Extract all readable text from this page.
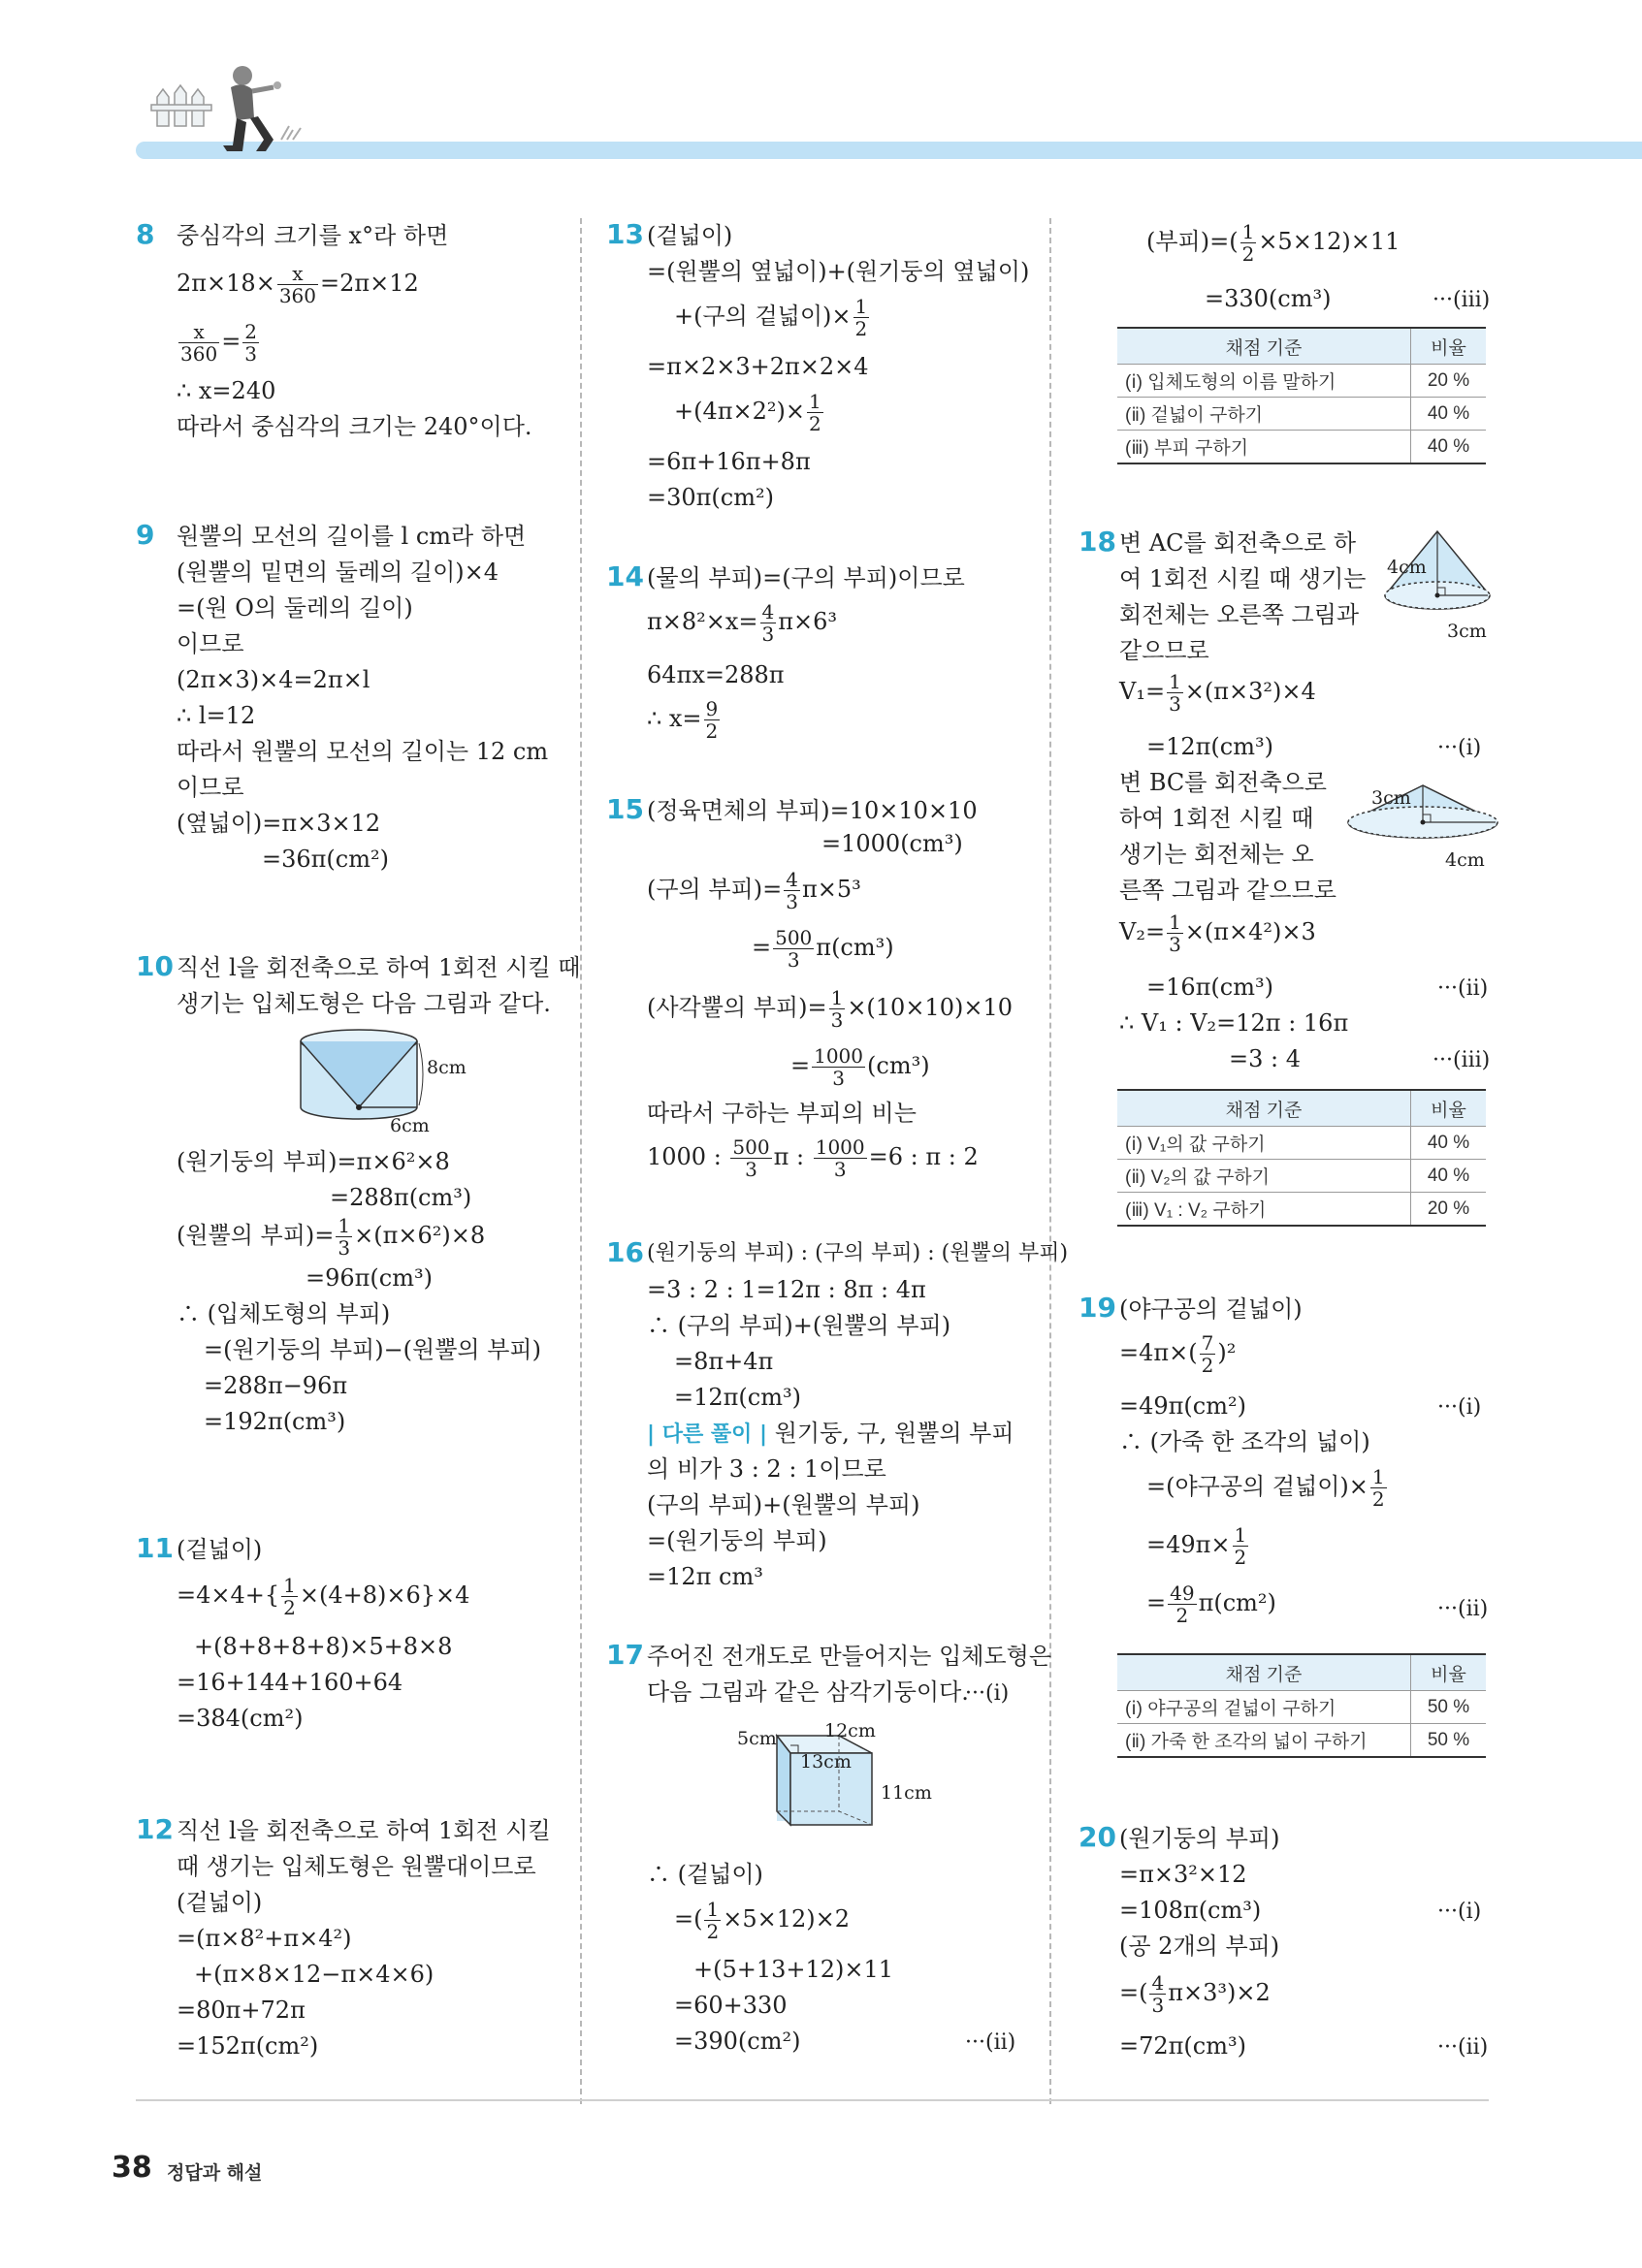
8 중심각의 크기를 x°라 하면
$2\pi\times 18\times \frac{x}{360} =2\pi\times 12$
$\frac{x}{360} = \frac{2}{3}$
∴ x=240
따라서 중심각의 크기는 240°이다.
9 원뿔의 모선의 길이를 l cm라 하면
(원뿔의 밑면의 둘레의 길이)×4
=(원 O의 둘레의 길이)
이므로
(2π×3)×4=2π×l
∴ l=12
따라서 원뿔의 모선의 길이는 12 cm
이므로
(옆넓이)=π×3×12
=36π(cm²)
10 직선 l을 회전축으로 하여 1회전 시킬 때
생기는 입체도형은 다음 그림과 같다.
8cm
6cm
(원기둥의 부피)=π×6²×8
=288π(cm³)
(원뿔의 부피)= $\frac{1}{3} \times(\pi\times 6^2)\times 8$
=96π(cm³)
∴ (입체도형의 부피)
=(원기둥의 부피)−(원뿔의 부피)
=288π−96π
=192π(cm³)
11 (겉넓이)
$=4\times 4+\{ \frac{1}{2} \times(4+8)\times 6\}\times 4$
+(8+8+8+8)×5+8×8
=16+144+160+64
=384(cm²)
12 직선 l을 회전축으로 하여 1회전 시킬
때 생기는 입체도형은 원뿔대이므로
(겉넓이)
=(π×8²+π×4²)
+(π×8×12−π×4×6)
=80π+72π
=152π(cm²)
13 (겉넓이)
=(원뿔의 옆넓이)+(원기둥의 옆넓이)
+(구의 겉넓이)× $\frac{1}{2}$
=π×2×3+2π×2×4
$+(4\pi\times 2^2)\times \frac{1}{2}$
=6π+16π+8π
=30π(cm²)
14 (물의 부피)=(구의 부피)이므로
$\pi\times 8^2\times x= \frac{4}{3} \pi\times 6^3$
64πx=288π
∴ $x= \frac{9}{2}$
15 (정육면체의 부피)=10×10×10
=1000(cm³)
(구의 부피)= $\frac{4}{3} \pi\times 5^3$
= $\frac{500}{3} \pi(cm^3)$
(사각뿔의 부피)= $\frac{1}{3} \times(10\times 10)\times 10$
= $\frac{1000}{3} (cm^3)$
따라서 구하는 부피의 비는
1000 : $\frac{500}{3}$ π : $\frac{1000}{3} =6$ : π : 2
16 (원기둥의 부피) : (구의 부피) : (원뿔의 부피)
=3 : 2 : 1=12π : 8π : 4π
∴ (구의 부피)+(원뿔의 부피)
=8π+4π
=12π(cm³)
| 다른 풀이 | 원기둥, 구, 원뿔의 부피
의 비가 3 : 2 : 1이므로
(구의 부피)+(원뿔의 부피)
=(원기둥의 부피)
=12π cm³
17 주어진 전개도로 만들어지는 입체도형은
다음 그림과 같은 삼각기둥이다.
···(ⅰ)
5cm	12cm
13cm
11cm
∴ (겉넓이)
=( $\frac{1}{2} \times 5\times 12)\times 2$
+(5+13+12)×11
=60+330
=390(cm²)	···(ⅱ)
(부피)=( $\frac{1}{2} \times 5\times 12)\times 11$
=330(cm³)	···(ⅲ)
채점 기준	비율
(ⅰ) 입체도형의 이름 말하기	20 %
(ⅱ) 겉넓이 구하기	40 %
(ⅲ) 부피 구하기	40 %
18 변 AC를 회전축으로 하
여 1회전 시킬 때 생기는
회전체는 오른쪽 그림과
같으므로
4cm
3cm
$V_1= \frac{1}{3} \times(\pi\times 3^2)\times 4$
=12π(cm³)	···(ⅰ)
변 BC를 회전축으로
하여 1회전 시킬 때
생기는 회전체는 오
른쪽 그림과 같으므로
3cm
4cm
$V_2= \frac{1}{3} \times(\pi\times 4^2)\times 3$
=16π(cm³)	···(ⅱ)
∴ V₁ : V₂=12π : 16π
=3 : 4	···(ⅲ)
채점 기준	비율
(ⅰ) V₁의 값 구하기	40 %
(ⅱ) V₂의 값 구하기	40 %
(ⅲ) V₁ : V₂ 구하기	20 %
19 (야구공의 겉넓이)
$=4\pi\times( \frac{7}{2} )^2$
=49π(cm²)	···(ⅰ)
∴ (가죽 한 조각의 넓이)
=(야구공의 겉넓이)× $\frac{1}{2}$
$=49\pi\times \frac{1}{2}$
= $\frac{49}{2} \pi(cm^2)$	···(ⅱ)
채점 기준	비율
(ⅰ) 야구공의 겉넓이 구하기	50 %
(ⅱ) 가죽 한 조각의 넓이 구하기	50 %
20 (원기둥의 부피)
=π×3²×12
=108π(cm³)	···(ⅰ)
(공 2개의 부피)
=( $\frac{4}{3} \pi\times 3^3)\times 2$
=72π(cm³)	···(ⅱ)
38 정답과 해설
